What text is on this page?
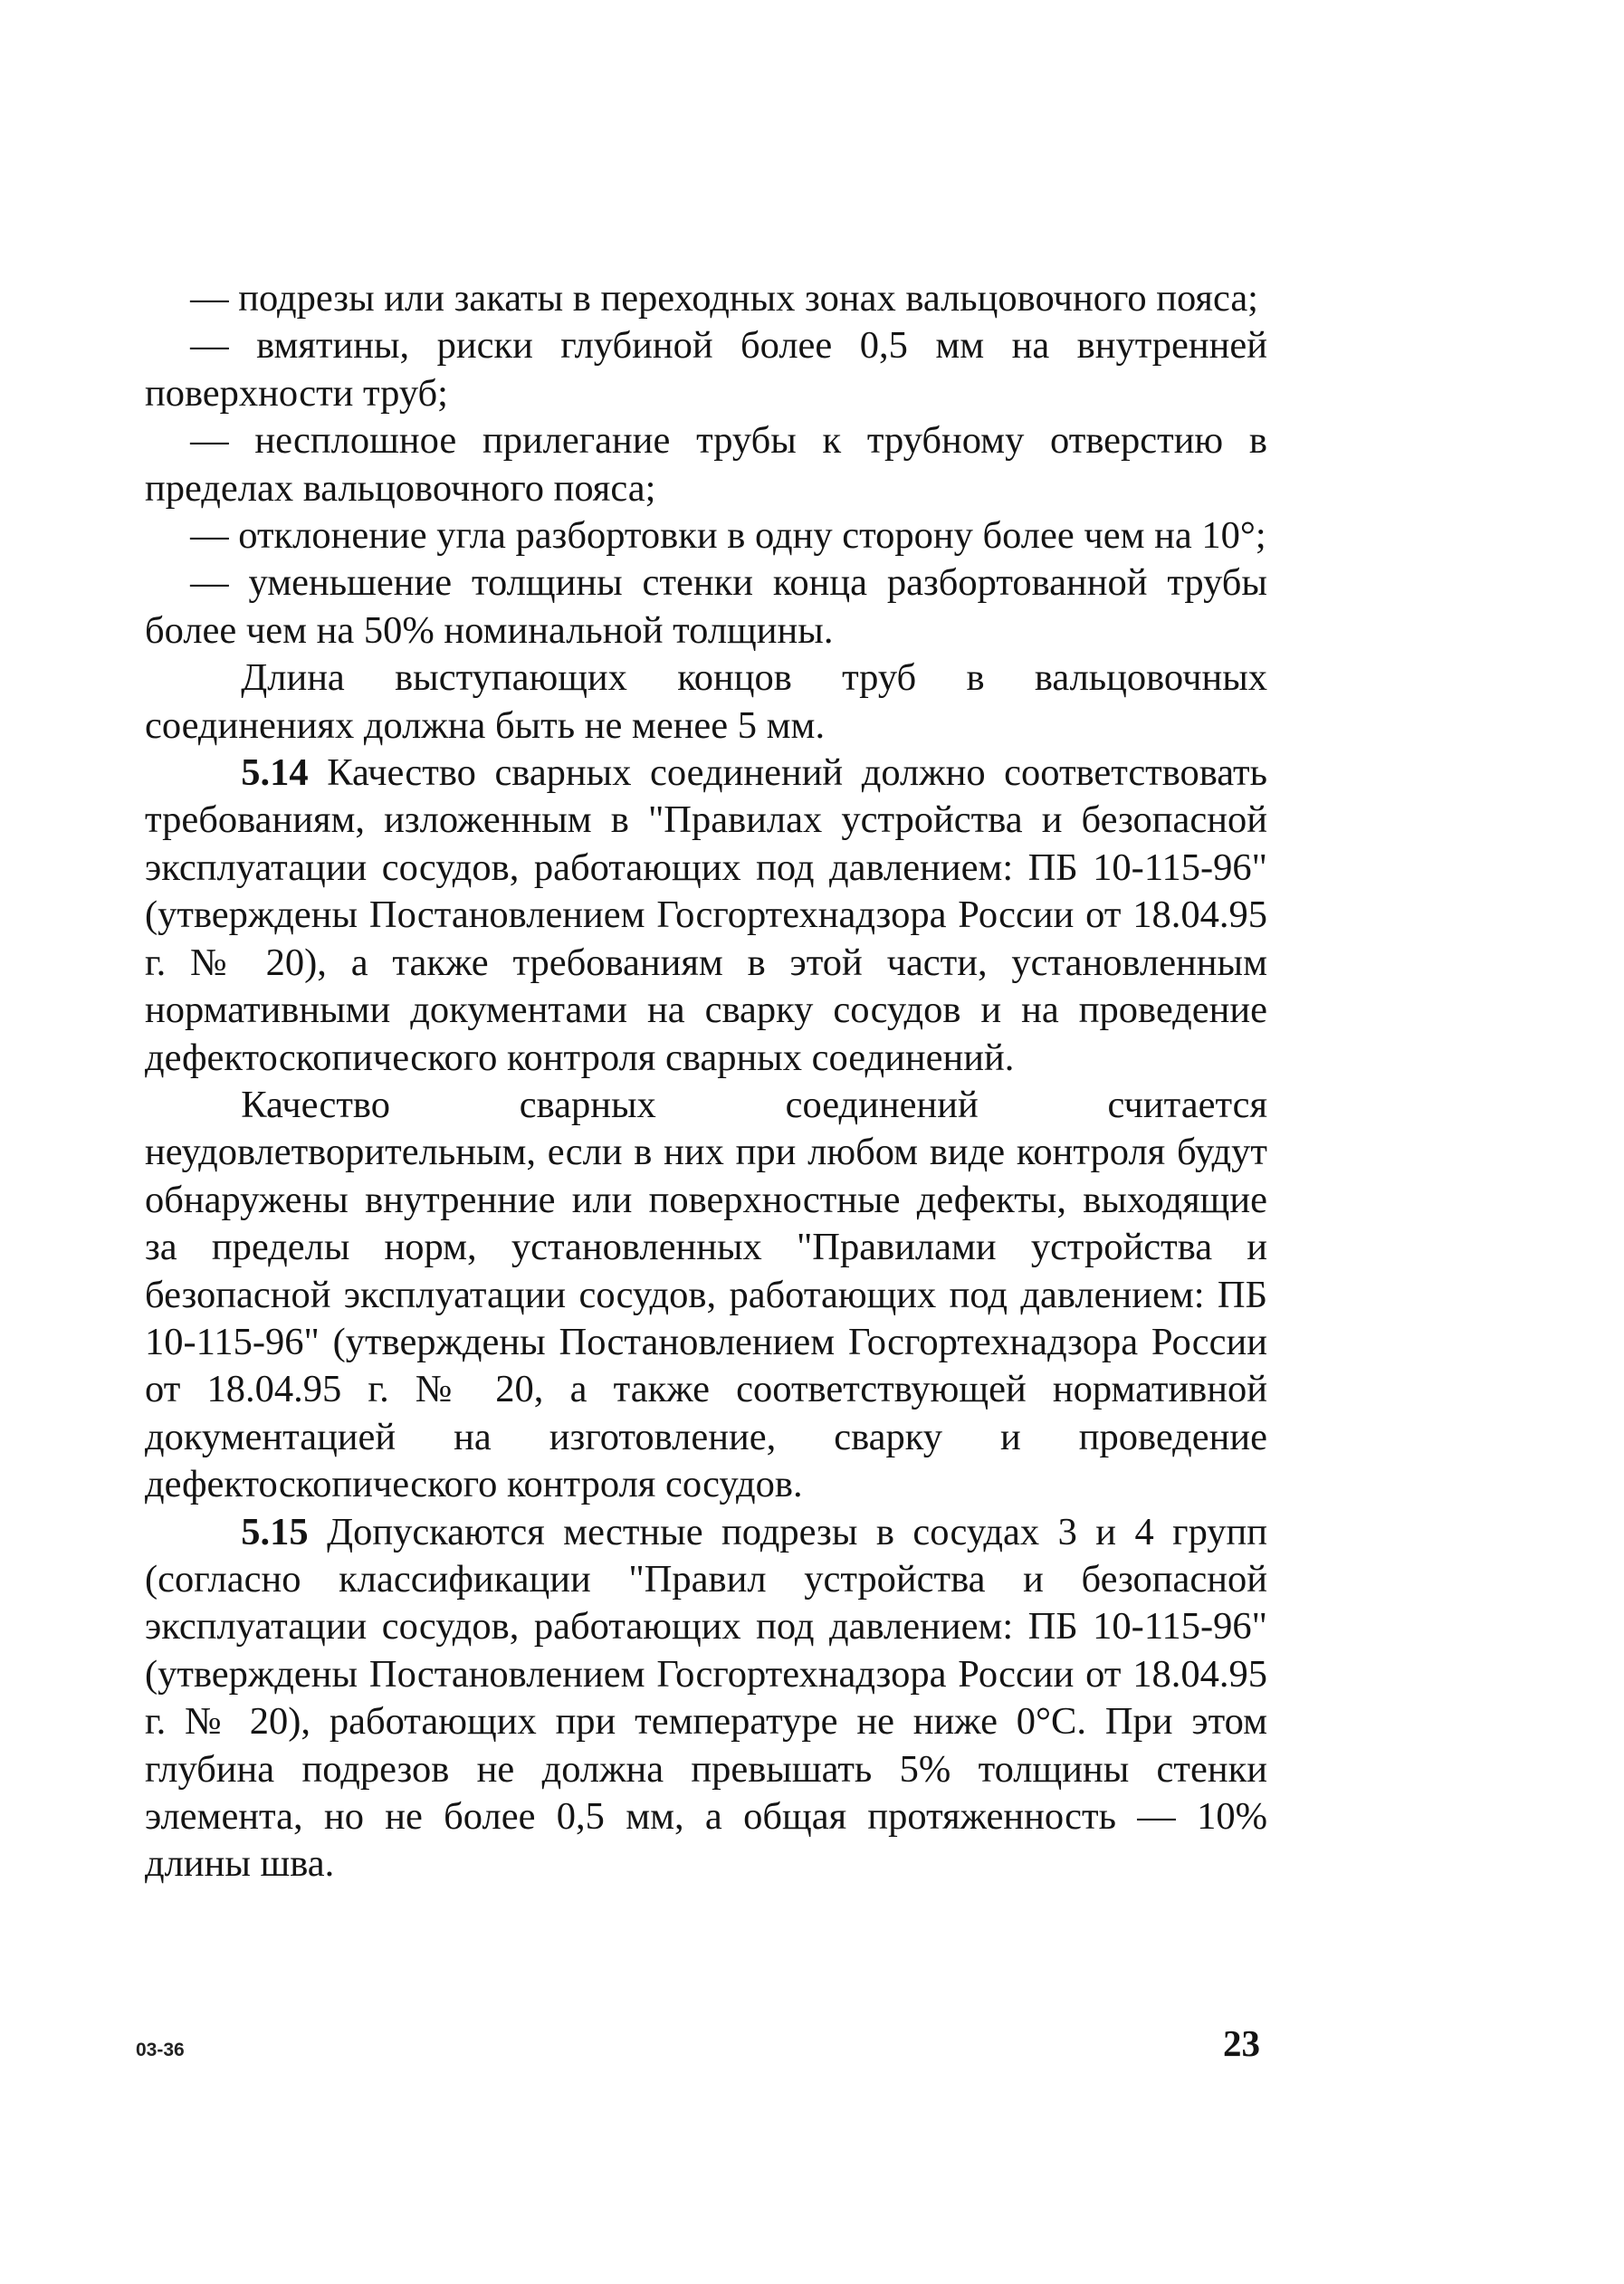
— подрезы или закаты в переходных зонах вальцовочного пояса;

— вмятины, риски глубиной более 0,5 мм на внутренней поверхности труб;

— несплошное прилегание трубы к трубному отверстию в пределах вальцовочного пояса;

— отклонение угла разбортовки в одну сторону более чем на 10°;

— уменьшение толщины стенки конца разбортованной трубы более чем на 50% номинальной толщины.

Длина выступающих концов труб в вальцовочных соединениях должна быть не менее 5 мм.

5.14 Качество сварных соединений должно соответствовать требованиям, изложенным в "Правилах устройства и безопасной эксплуатации сосудов, работающих под давлением: ПБ 10-115-96" (утверждены Постановлением Госгортехнадзора России от 18.04.95 г. № 20), а также требованиям в этой части, установленным нормативными документами на сварку сосудов и на проведение дефектоскопического контроля сварных соединений.

Качество сварных соединений считается неудовлетворительным, если в них при любом виде контроля будут обнаружены внутренние или поверхностные дефекты, выходящие за пределы норм, установленных "Правилами устройства и безопасной эксплуатации сосудов, работающих под давлением: ПБ 10-115-96" (утверждены Постановлением Госгортехнадзора России от 18.04.95 г. № 20, а также соответствующей нормативной документацией на изготовление, сварку и проведение дефектоскопического контроля сосудов.

5.15 Допускаются местные подрезы в сосудах 3 и 4 групп (согласно классификации "Правил устройства и безопасной эксплуатации сосудов, работающих под давлением: ПБ 10-115-96" (утверждены Постановлением Госгортехнадзора России от 18.04.95 г. № 20), работающих при температуре не ниже 0°С. При этом глубина подрезов не должна превышать 5% толщины стенки элемента, но не более 0,5 мм, а общая протяженность — 10% длины шва.

03-36	23
